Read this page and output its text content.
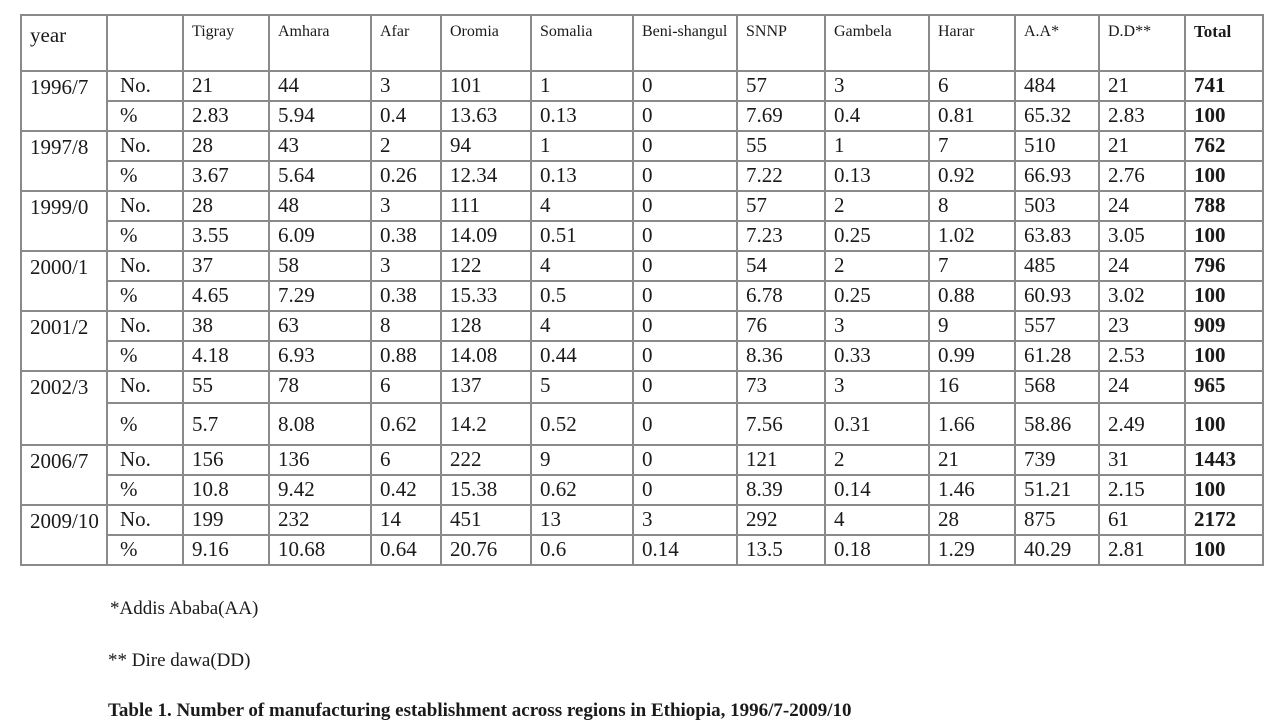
year		Tigray	Amhara	Afar	Oromia	Somalia	Beni-shangul	SNNP	Gambela	Harar	A.A*	D.D**	Total
1996/7	No.	21	44	3	101	1	0	57	3	6	484	21	741
	%	2.83	5.94	0.4	13.63	0.13	0	7.69	0.4	0.81	65.32	2.83	100
1997/8	No.	28	43	2	94	1	0	55	1	7	510	21	762
	%	3.67	5.64	0.26	12.34	0.13	0	7.22	0.13	0.92	66.93	2.76	100
1999/0	No.	28	48	3	111	4	0	57	2	8	503	24	788
	%	3.55	6.09	0.38	14.09	0.51	0	7.23	0.25	1.02	63.83	3.05	100
2000/1	No.	37	58	3	122	4	0	54	2	7	485	24	796
	%	4.65	7.29	0.38	15.33	0.5	0	6.78	0.25	0.88	60.93	3.02	100
2001/2	No.	38	63	8	128	4	0	76	3	9	557	23	909
	%	4.18	6.93	0.88	14.08	0.44	0	8.36	0.33	0.99	61.28	2.53	100
2002/3	No.	55	78	6	137	5	0	73	3	16	568	24	965
	%	5.7	8.08	0.62	14.2	0.52	0	7.56	0.31	1.66	58.86	2.49	100
2006/7	No.	156	136	6	222	9	0	121	2	21	739	31	1443
	%	10.8	9.42	0.42	15.38	0.62	0	8.39	0.14	1.46	51.21	2.15	100
2009/10	No.	199	232	14	451	13	3	292	4	28	875	61	2172
	%	9.16	10.68	0.64	20.76	0.6	0.14	13.5	0.18	1.29	40.29	2.81	100
*Addis Ababa(AA)
** Dire dawa(DD)
Table 1. Number of manufacturing establishment across regions in Ethiopia, 1996/7-2009/10
